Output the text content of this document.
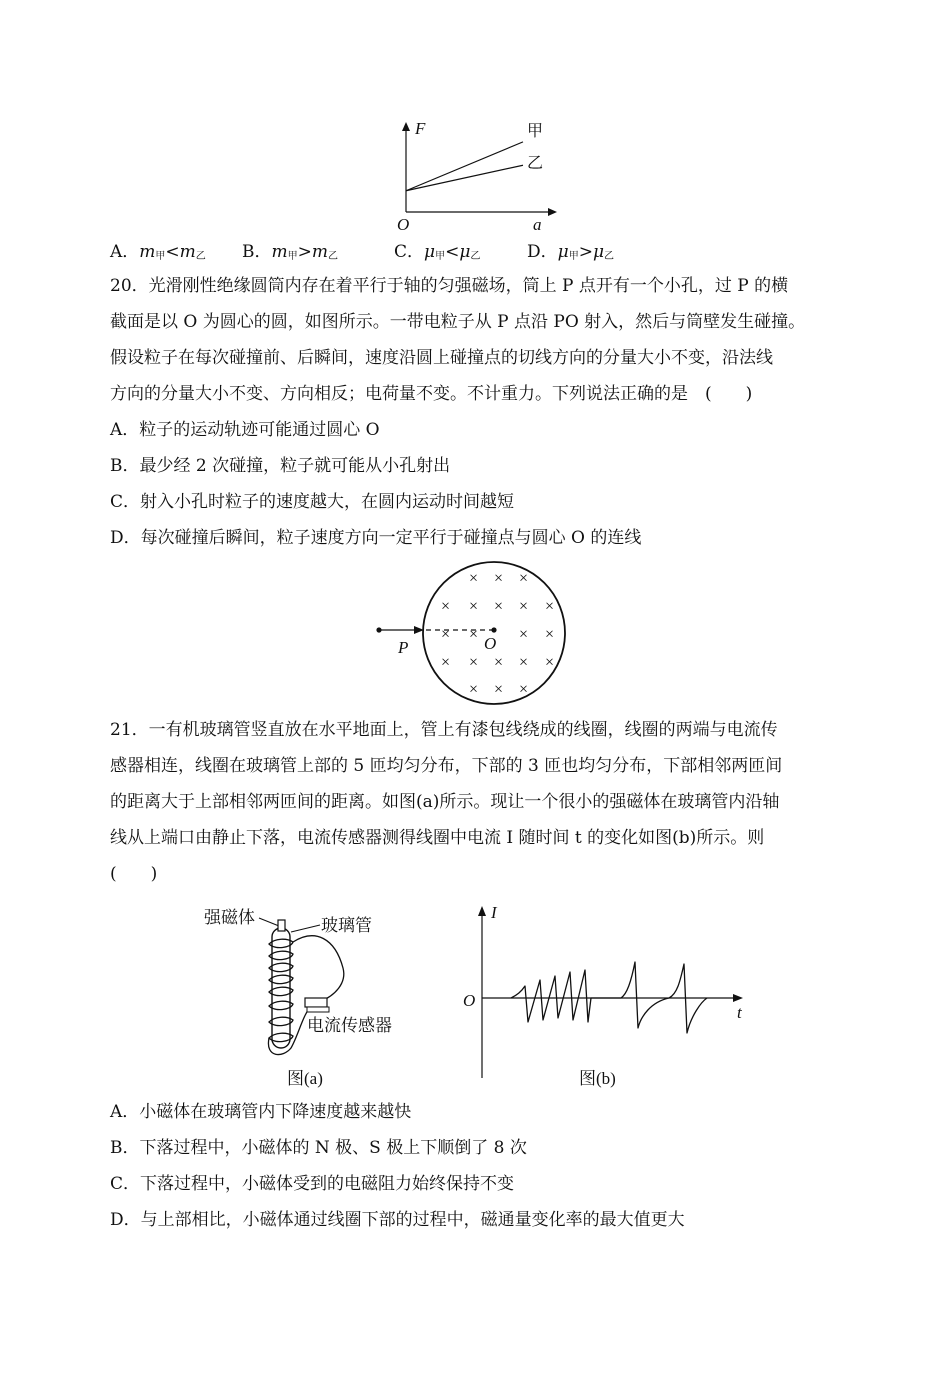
F
a
O
甲
乙
A．$m_甲<m_乙$ B．$m_甲>m_乙$	C．$\mu_甲<\mu_乙$	D．$\mu_甲>\mu_乙$
20．光滑刚性绝缘圆筒内存在着平行于轴的匀强磁场，筒上 P 点开有一个小孔，过 P 的横
截面是以 O 为圆心的圆，如图所示。一带电粒子从 P 点沿 PO 射入，然后与筒壁发生碰撞。
假设粒子在每次碰撞前、后瞬间，速度沿圆上碰撞点的切线方向的分量大小不变，沿法线
方向的分量大小不变、方向相反；电荷量不变。不计重力。下列说法正确的是　(　　)
A．粒子的运动轨迹可能通过圆心 O
B．最少经 2 次碰撞，粒子就可能从小孔射出
C．射入小孔时粒子的速度越大，在圆内运动时间越短
D．每次碰撞后瞬间，粒子速度方向一定平行于碰撞点与圆心 O 的连线
P	O
× × ×
× × × × ×
× ×	× ×
× × × × ×
× × ×
21．一有机玻璃管竖直放在水平地面上，管上有漆包线绕成的线圈，线圈的两端与电流传
感器相连，线圈在玻璃管上部的 5 匝均匀分布，下部的 3 匝也均匀分布，下部相邻两匝间
的距离大于上部相邻两匝间的距离。如图(a)所示。现让一个很小的强磁体在玻璃管内沿轴
线从上端口由静止下落，电流传感器测得线圈中电流 I 随时间 t 的变化如图(b)所示。则
(　　)
强磁体	玻璃管
电流传感器
图(a)
I
t
O
图(b)
A．小磁体在玻璃管内下降速度越来越快
B．下落过程中，小磁体的 N 极、S 极上下顺倒了 8 次
C．下落过程中，小磁体受到的电磁阻力始终保持不变
D．与上部相比，小磁体通过线圈下部的过程中，磁通量变化率的最大值更大
